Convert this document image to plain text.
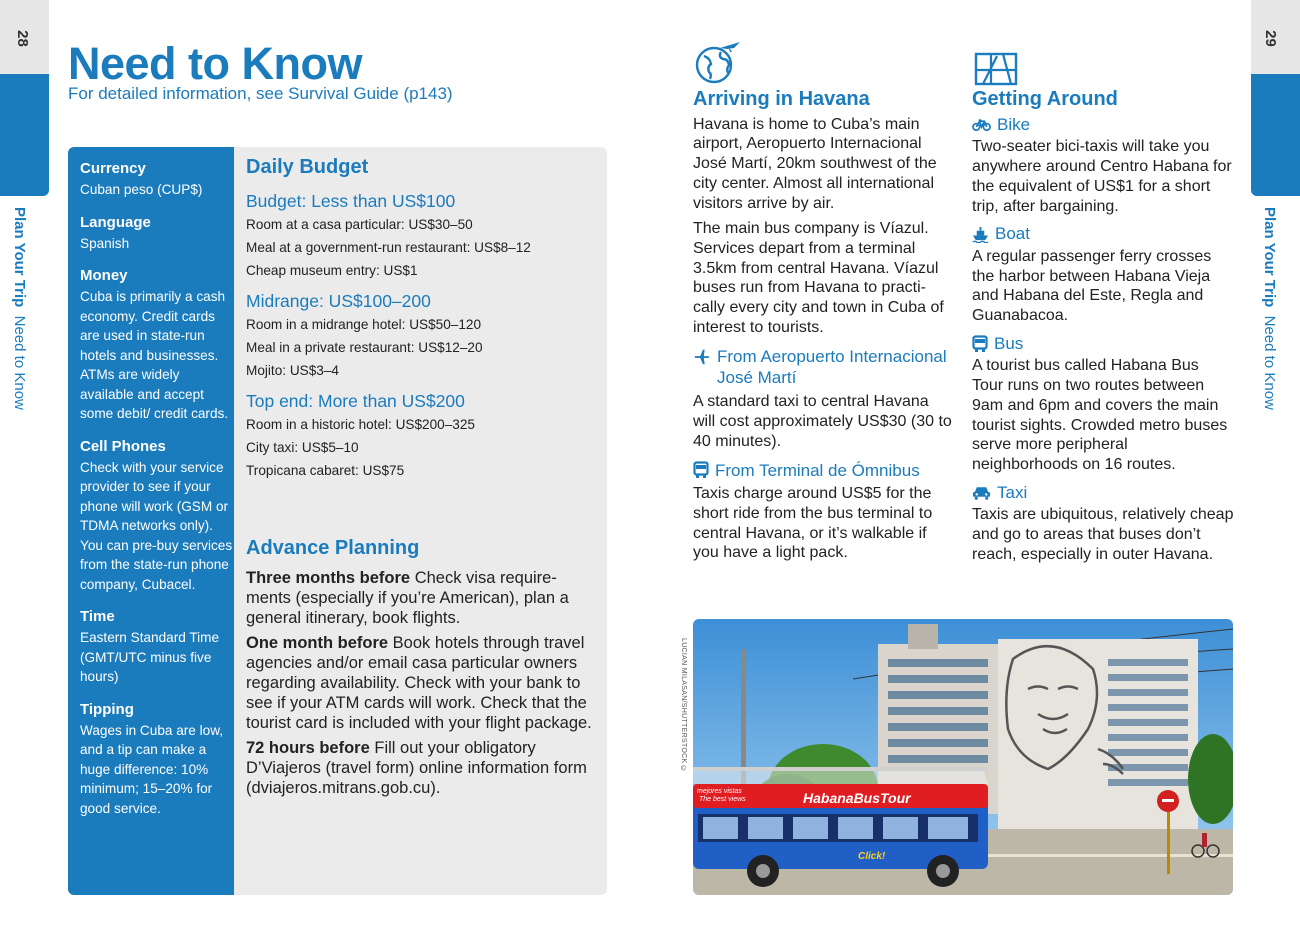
28
Plan Your Trip  Need to Know
Need to Know
For detailed information, see Survival Guide (p143)
Currency

Cuban peso (CUP$)

Language

Spanish

Money

Cuba is primarily a cash economy. Credit cards are used in state-run hotels and businesses. ATMs are widely available and accept some debit/ credit cards.

Cell Phones

Check with your service provider to see if your phone will work (GSM or TDMA networks only). You can pre-buy services from the state-run phone company, Cubacel.

Time

Eastern Standard Time (GMT/UTC minus five hours)

Tipping

Wages in Cuba are low, and a tip can make a huge difference: 10% minimum; 15–20% for good service.

Daily Budget
Budget: Less than US$100
Room at a casa particular: US$30–50
Meal at a government-run restaurant: US$8–12
Cheap museum entry: US$1
Midrange: US$100–200
Room in a midrange hotel: US$50–120
Meal in a private restaurant: US$12–20
Mojito: US$3–4
Top end: More than US$200
Room in a historic hotel: US$200–325
City taxi: US$5–10
Tropicana cabaret: US$75
Advance Planning

Three months before Check visa require-ments (especially if you’re American), plan a general itinerary, book flights.

One month before Book hotels through travel agencies and/or email casa particular owners regarding availability. Check with your bank to see if your ATM cards will work. Check that the tourist card is included with your flight package.

72 hours before Fill out your obligatory D’Viajeros (travel form) online information form (dviajeros.mitrans.gob.cu).

29
Plan Your Trip  Need to Know
Arriving in Havana

Havana is home to Cuba’s main airport, Aeropuerto Internacional José Martí, 20km southwest of the city center. Almost all international visitors arrive by air.

The main bus company is Víazul. Services depart from a terminal 3.5km from central Havana. Víazul buses run from Havana to practi-cally every city and town in Cuba of interest to tourists.

From Aeropuerto Internacional José Martí

A standard taxi to central Havana will cost approximately US$30 (30 to 40 minutes).

From Terminal de Ómnibus

Taxis charge around US$5 for the short ride from the bus terminal to central Havana, or it’s walkable if you have a light pack.

Getting Around
Bike

Two-seater bici-taxis will take you anywhere around Centro Habana for the equivalent of US$1 for a short trip, after bargaining.

Boat

A regular passenger ferry crosses the harbor between Habana Vieja and Habana del Este, Regla and Guanabacoa.

Bus

A tourist bus called Habana Bus Tour runs on two routes between 9am and 6pm and covers the main tourist sights. Crowded metro buses serve more peripheral neighborhoods on 16 routes.

Taxi

Taxis are ubiquitous, relatively cheap and go to areas that buses don’t reach, especially in outer Havana.

LUCIAN MILASAN/SHUTTERSTOCK ©
HabanaBusTour
mejores vistas
The best views
Click!
